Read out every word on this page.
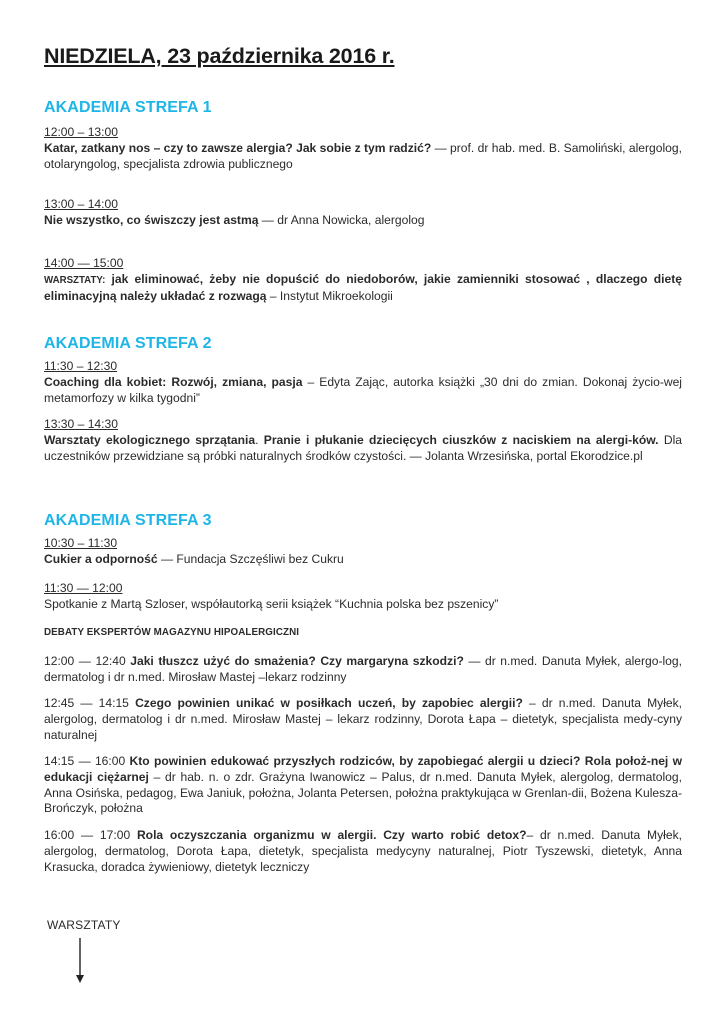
NIEDZIELA, 23 października 2016 r.
AKADEMIA STREFA 1
12:00 – 13:00
Katar, zatkany nos – czy to zawsze alergia? Jak sobie z tym radzić? — prof. dr hab. med. B. Samoliński, alergolog, otolaryngolog, specjalista zdrowia publicznego
13:00 – 14:00
Nie wszystko, co świszczy jest astmą — dr Anna Nowicka, alergolog
14:00 — 15:00
WARSZTATY: jak eliminować, żeby nie dopuścić do niedoborów, jakie zamienniki stosować , dlaczego dietę eliminacyjną należy układać z rozwagą – Instytut Mikroekologii
AKADEMIA STREFA 2
11:30 – 12:30
Coaching dla kobiet: Rozwój, zmiana, pasja – Edyta Zając, autorka książki „30 dni do zmian. Dokonaj życio-wej metamorfozy w kilka tygodni”
13:30 – 14:30
Warsztaty ekologicznego sprzątania. Pranie i płukanie dziecięcych ciuszków z naciskiem na alergi-ków. Dla uczestników przewidziane są próbki naturalnych środków czystości. — Jolanta Wrzesińska, portal Ekorodzice.pl
AKADEMIA STREFA 3
10:30 – 11:30
Cukier a odporność — Fundacja Szczęśliwi bez Cukru
11:30 — 12:00
Spotkanie z Martą Szloser, współautorką serii książek “Kuchnia polska bez pszenicy”
DEBATY EKSPERTÓW MAGAZYNU HIPOALERGICZNI
12:00 — 12:40 Jaki tłuszcz użyć do smażenia? Czy margaryna szkodzi? — dr n.med. Danuta Myłek, alergo-log, dermatolog i dr n.med. Mirosław Mastej –lekarz rodzinny
12:45 — 14:15 Czego powinien unikać w posiłkach uczeń, by zapobiec alergii? – dr n.med. Danuta Myłek, alergolog, dermatolog i dr n.med. Mirosław Mastej – lekarz rodzinny, Dorota Łapa – dietetyk, specjalista medy-cyny naturalnej
14:15 — 16:00 Kto powinien edukować przyszłych rodziców, by zapobiegać alergii u dzieci? Rola położ-nej w edukacji ciężarnej – dr hab. n. o zdr. Grażyna Iwanowicz – Palus, dr n.med. Danuta Myłek, alergolog, dermatolog, Anna Osińska, pedagog, Ewa Janiuk, położna, Jolanta Petersen, położna praktykująca w Grenlan-dii, Bożena Kulesza-Brończyk, położna
16:00 — 17:00 Rola oczyszczania organizmu w alergii. Czy warto robić detox?– dr n.med. Danuta Myłek, alergolog, dermatolog, Dorota Łapa, dietetyk, specjalista medycyny naturalnej, Piotr Tyszewski, dietetyk, Anna Krasucka, doradca żywieniowy, dietetyk leczniczy
WARSZTATY
